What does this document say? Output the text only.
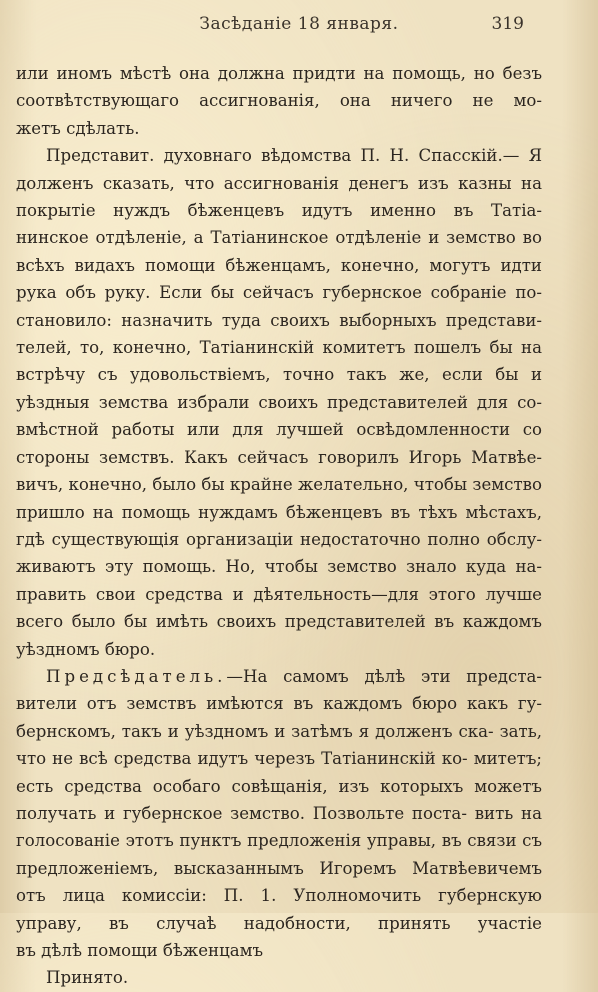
Засѣданіе 18 января.	319

или иномъ мѣстѣ она должна придти на помощь, но безъ соотвѣтствующаго ассигнованія, она ничего не мо-

жетъ сдѣлать.

Представит. духовнаго вѣдомства П. Н. Спасскій.— Я долженъ сказать, что ассигнованія денегъ изъ казны на покрытіе нуждъ бѣженцевъ идутъ именно въ Татіа- нинское отдѣленіе, а Татіанинское отдѣленіе и земство во всѣхъ видахъ помощи бѣженцамъ, конечно, могутъ идти рука объ руку. Если бы сейчасъ губернское собраніе по- становило: назначить туда своихъ выборныхъ представи- телей, то, конечно, Татіанинскій комитетъ пошелъ бы на встрѣчу съ удовольствіемъ, точно такъ же, если бы и уѣздныя земства избрали своихъ представителей для со- вмѣстной работы или для лучшей освѣдомленности со стороны земствъ. Какъ сейчасъ говорилъ Игорь Матвѣе- вичъ, конечно, было бы крайне желательно, чтобы земство пришло на помощь нуждамъ бѣженцевъ въ тѣхъ мѣстахъ, гдѣ существующія организаціи недостаточно полно обслу- живаютъ эту помощь. Но, чтобы земство знало куда на- править свои средства и дѣятельность—для этого лучше всего было бы имѣть своихъ представителей въ каждомъ

уѣздномъ бюро.

Предсѣдатель.—На самомъ дѣлѣ эти предста- вители отъ земствъ имѣются въ каждомъ бюро какъ гу- бернскомъ, такъ и уѣздномъ и затѣмъ я долженъ ска- зать, что не всѣ средства идутъ черезъ Татіанинскій ко- митетъ; есть средства особаго совѣщанія, изъ которыхъ можетъ получать и губернское земство. Позвольте поста- вить на голосованіе этотъ пунктъ предложенія управы, въ связи съ предложеніемъ, высказаннымъ Игоремъ Матвѣевичемъ отъ лица комиссіи: П. 1. Уполномочить губернскую управу, въ случаѣ надобности, принять участіе

въ дѣлѣ помощи бѣженцамъ

Принято.
